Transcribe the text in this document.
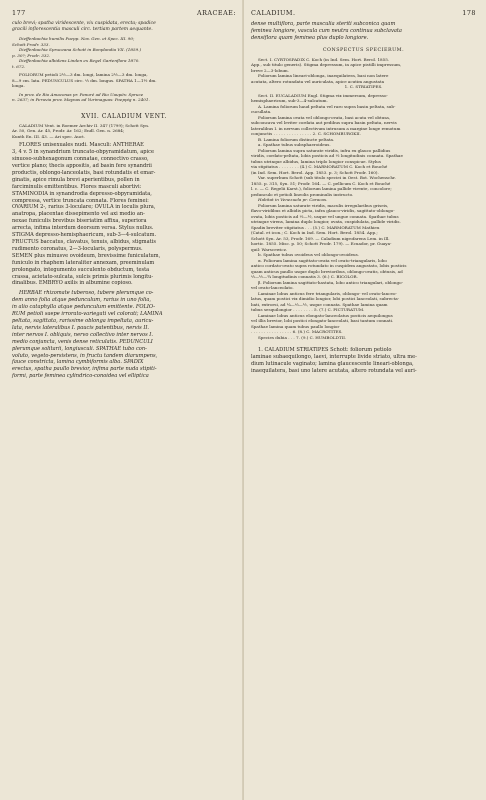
177	ARACEAE:

culo brevi; spatha viridescente, vix cuspidata, erecta; spadice

gracili inflorescentia masculi circ. tertiam partem aequante.

Dieffenbachia humilis Poepp. Nov. Gen. et Spec. III. 90;

Schott Prodr. 333.

Dieffenbachia Spruceana Schott in Bonplandia VII. (1859.)

p. 30?; Prodr. 332.

Dieffenbachia albidens Linden ex Regel Gartenflora 1870.

t. 672.

FOLIORUM petioli 2½—3 dm. longi, lamina 2½—3 dm. longa,

8—9 cm. lata. PEDUNCULUS circ. ⅓ dm. longus. SPATHA 1—1½ dm.

longa.

In prov. de Rio Amazonas pr. Panuré ad Rio Uaupés: Spruce

n. 2637; in Peruvia prov. Maynas ad Yurimaguas: Poeppig n. 2401.

XVII. CALADIUM VENT.

CALADIUM Vent. in Roemer Archiv II. 347 (1799); Schott Syn.

Ar. 50, Gen. Ar. 45, Prodr. Ar. 162; Endl. Gen. n. 2684;

Kunth En. III. 43. — Ari spec. Auct.

FLORES unisexuales nudi. Masculi: ANTHERAE

3, 4 v. 5 in synandrium truncato-obpyramidatum, apice

sinuoso-subhexagonum connatae, connectivo crasso,

vertice plano; thecis appositis, ad basin fere synandrii

productis, oblongo-lanceolatis, basi rotundatis et emar-

ginatis, apice rimula brevi aperientibus, pollen in

farciminulis emittentibus. Flores masculi abortivi:

STAMINODIA in synandrodia depresso-obpyramidata,

compressa, vertice truncata connata. Flores feminei:

OVARIUM 2-, rarius 3-loculare; OVULA in loculis plura,

anatropa, placentae dissepimento vel axi medio an-

nexae funiculis brevibus biseriatim affixa, superiora

arrecta, infima interdum deorsum versa. Stylus nullus.

STIGMA depresso-hemisphaericum, sub-3—4-sulcatum.

FRUCTUS baccatus, clavatus, tenuis, albidus, stigmatis

rudimento coronatus, 2—3-locularis, polyspermus.

SEMEN plus minusve ovoideum, brevissime funiculatum,

funiculo in rhaphem lateraliter annexam, preeminulam

prolongato, integumento succulento obductum, testa

crassa, acietato-sulcata, sulcis primis plurimis longitu-

dinalibus. EMBRYO axilis in albumine copioso.

HERBAE rhizomate tuberoso, tubere plerumque co-

dem anno folia atque pedunculum, rarius in uno folia,

in alio cataphylla atque pedunculum emittente. FOLIO-

RUM petioli saepe irrorato-variegati vel colorati; LAMINA

peltata, sagittata, rarissime oblonga impeltata, auricu-

lata, nervis lateralibus I. paucis patentibus, nervis II.

inter nervos I. obliquis, nervo collectivo inter nervos I.

medio conjuncta, venis dense reticulatis. PEDUNCULI

plerumque solitarii, longiusculi. SPATHAE tubo con-

voluto, vegeto-persistens, in fructu tandem diarumpens,

fauce constricta, lamina cymbiformis alba. SPADIX

erectus, spatha paullo brevior, infima parte nuda stipiti-

formi, parte feminea cylindrico-conoidea vel elliptica

CALADIUM.	178

dense multiflora, parte masculia steriti subconica quam

feminea longiore, vascula cum neutra continua subclavata

densiflora quam feminea plus duplo longiore.

CONSPECTUS SPECIERUM.

Sect. I. CYRTOSPADIX C. Koch (in Ind. Sem. Hort. Berol. 1855.

App., sub titulo generis). Stigma depressum, in apice pistilli impressum,

breve 2—3-lobum.

Foliorum lamina lineari-oblonga, inaequilatera, basi non latere

acutata, altero rotundata vel auriculata, apice acutim angustata

1. C. STRIATIPES.

Sect. II. EUCALADIUM Engl. Stigma vix immersum, depresso-

hemisphaericum, sub-3—4-sulcatum.

A. Lamina foliorum haud peltata vel raro supra basin peltata, sub-

cucullata.

Foliorum lamina ovata vel oblongo-ovata, basi acuta vel obtusa,

subconcava vel leviter cordata aut pedibus supra basin peltata, nervis

lateralibus I. in nervum collectivum intrusum a margine longe remotum

conjunctis . . . . . . . . . . . . . . . 2. C. SCHOMBURGKII.

B. Lamina foliorum distincte peltata.

a. Spathae tubus subsphaeroideus.

Foliorum lamina supra saturate viridis, infra ex glauco pallidius

viridis, cordato-peltata, lobis posticis ad ⅓ longitudinis connata. Spathae

tubus utrinque albidus, lamina triplo longior conspicue. Stylus

via stipitatus . . . . . . . . (4.) C. MARMORATUM C. Koch et Bouché

(in Ind. Sem. Hort. Berol. App. 1853. p. 3; Schott Prodr. 160).

Var. superbum Schott (sub titulo speciei in Oest. Bot. Wochenschr.

1855. p. 315, Syn. 51; Prodr. 164. — C. pellicum C. Koch et Bouché

l. c. — C. Regelii Karst.), foliorum lamina pallide virente, concolore;

pedunculo et petioli lineolis prominulis instructo.

Habitat in Venezuela pr. Caracas.

Foliorum lamina saturate viridis, maculis irregularibus griseis,

flavo-viridibus et albidis picta, infra glauco-viridis, sagittato-oblongo-

ovata, lobis posticis ad ⅓—½, usque vel ungue connata. Spathae tubus

utrinque virens, lamina duplo longior, ovata, cuspidulata, pallide viridis.

Spadix breviter stipitatus . . . (5.) C. MARMORATUM Mathieu

(Catal. et icon.; C. Koch in Ind. Sem. Hort. Berol. 1854. App.;

Schott Syn. Ar. 53, Prodr. 169. — Caladium nigrofarens Lem. in Ill.

hortic. 1855. Misc. p. 50; Schott Prodr. 179). — Ecuador, pr. Guaya-

quil: Warscewicz.

b. Spathae tubus ovoideus vel oblongo-ovoideus.

α. Foliorum lamina sagittato-ovata vel ovato-triangularis, lobo

antico cordato-ovato supra rotundato in cuspidem angustato, lobis posticis

quam anticus paullo usque duplo brevioribus, oblongo-ovatis, obtusis, ad

⅓—½—¾ longitudinis connatis 3. (6.) C. BICOLOR.

β. Foliorum lamina sagittato-hastata, lobo antico triangulari, oblongo-

vel ovato-lanceolato.

Laminae lobus anticus fere triangularis, oblongo- vel ovato-lanceo-

latus, quam postici vix dimidio longior, lobi postici lanceolati, subrecta-

bati, extrorsi, ad ¼—⅓—½, usque connata. Spathae lamina quam

tubus sesquilongior . . . . . . . . 5. (7.) C. PICTURATUM.

Laminae lobus anticus elongato-lanceolatus posticis aequilongus

vel illis brevior, lobi postici elongato-lanceolati, basi tantum connati.

Spathae lamina quam tubus paullo longior

. . . . . . . . . . . . . . . . 6. (8.) C. MACROTITES.

Species dubia . . . 7. (9.) C. HUMBOLDTII.

1. CALADIUM STRIATIPES Schott: foliorum petiolo

laminae subaequilongo, laevi, interrupte livide striato, ultra me-

dium lutinacule vaginato; lamina glaucescente lineari-oblonga,

inaequilatera, basi uno latere acutata, altero rotundata vel auri-
